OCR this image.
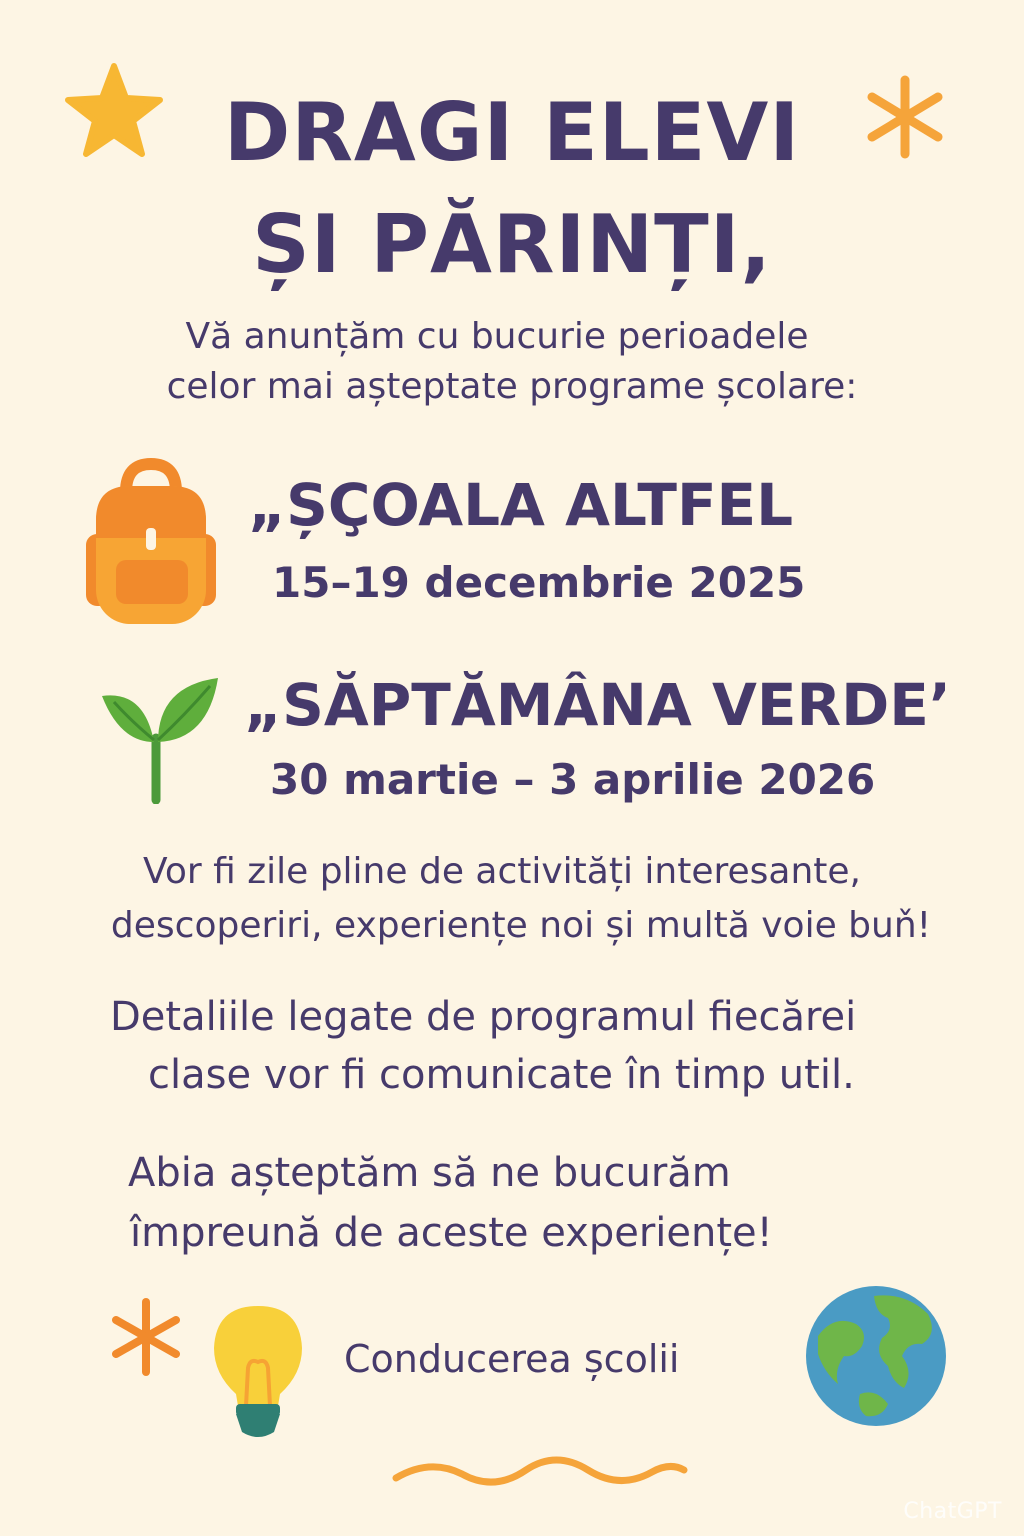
DRAGI ELEVI
ȘI PĂRINȚI,
Vă anunțăm cu bucurie perioadele
celor mai așteptate programe școlare:
„ȘÇOALA ALTFEL
15–19 decembrie 2025
„SĂPTĂMÂNA VERDE’
30 martie – 3 aprilie 2026
Vor fi zile pline de activități interesante,
descoperiri, experiențe noi și multă voie buň!
Detaliile legate de programul fiecărei
clase vor fi comunicate în timp util.
Abia așteptăm să ne bucurăm
împreună de aceste experiențe!
Conducerea școlii
ChatGPT
